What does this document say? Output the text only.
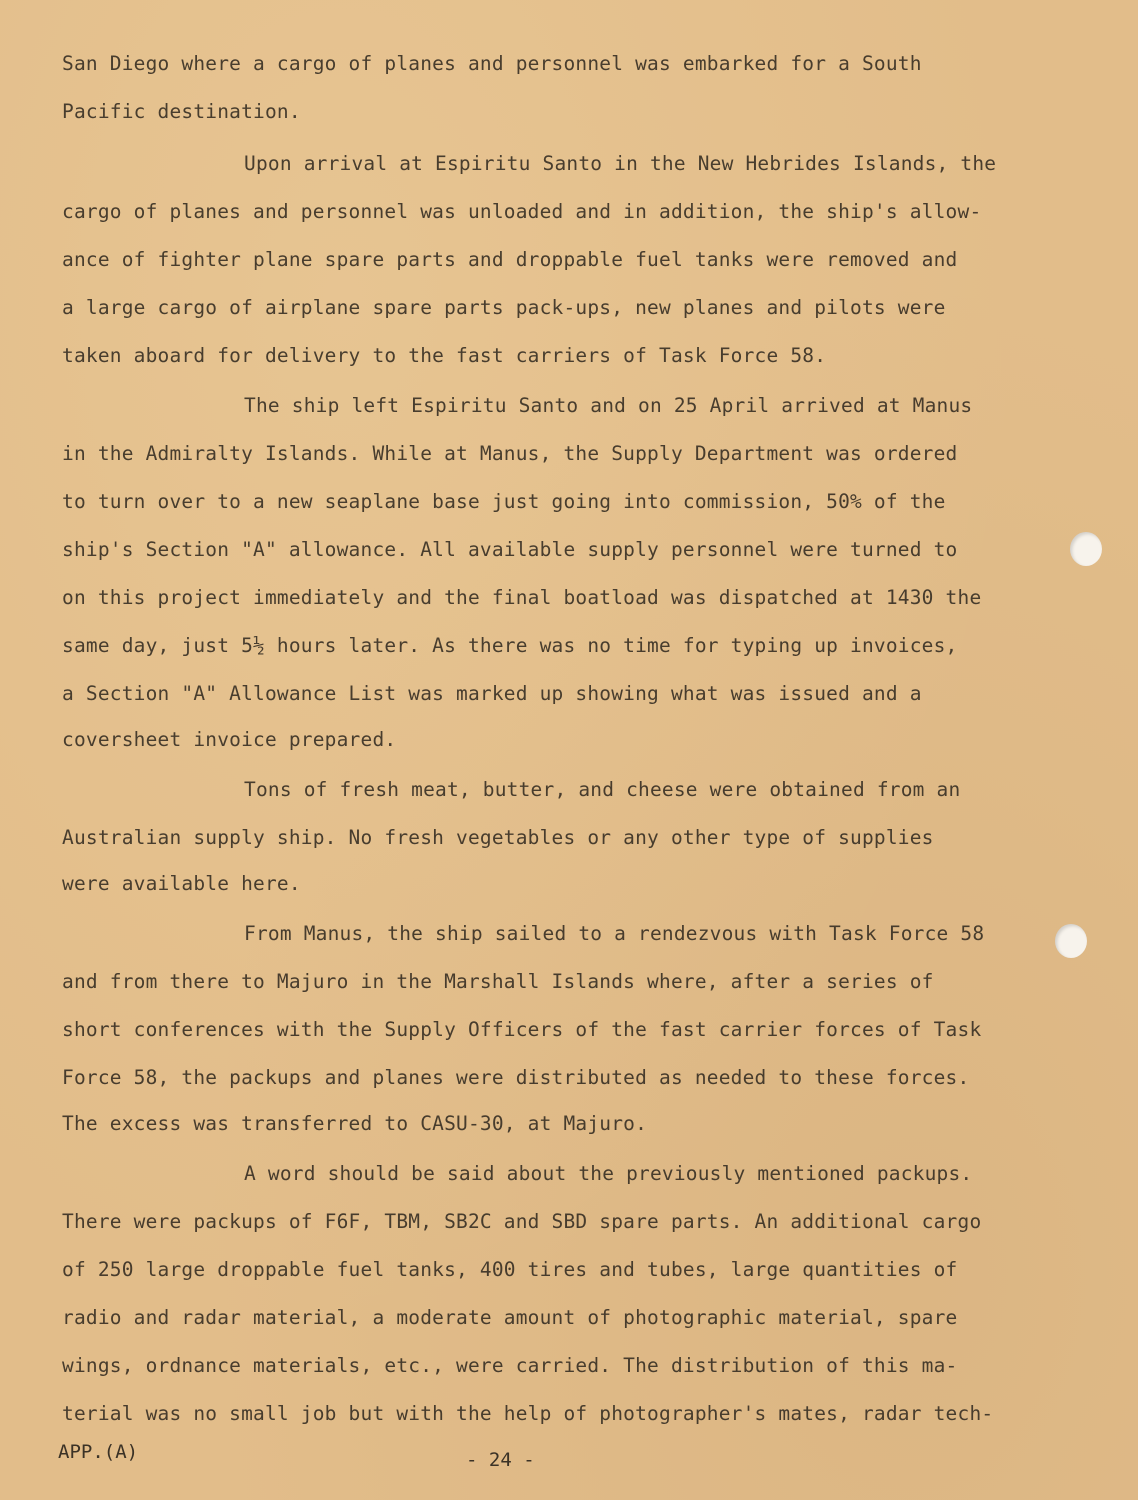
San Diego where a cargo of planes and personnel was embarked for a South
Pacific destination.
Upon arrival at Espiritu Santo in the New Hebrides Islands, the
cargo of planes and personnel was unloaded and in addition, the ship's allow-
ance of fighter plane spare parts and droppable fuel tanks were removed and
a large cargo of airplane spare parts pack-ups, new planes and pilots were
taken aboard for delivery to the fast carriers of Task Force 58.
The ship left Espiritu Santo and on 25 April arrived at Manus
in the Admiralty Islands. While at Manus, the Supply Department was ordered
to turn over to a new seaplane base just going into commission, 50% of the
ship's Section "A" allowance. All available supply personnel were turned to
on this project immediately and the final boatload was dispatched at 1430 the
same day, just 5½ hours later. As there was no time for typing up invoices,
a Section "A" Allowance List was marked up showing what was issued and a
coversheet invoice prepared.
Tons of fresh meat, butter, and cheese were obtained from an
Australian supply ship. No fresh vegetables or any other type of supplies
were available here.
From Manus, the ship sailed to a rendezvous with Task Force 58
and from there to Majuro in the Marshall Islands where, after a series of
short conferences with the Supply Officers of the fast carrier forces of Task
Force 58, the packups and planes were distributed as needed to these forces.
The excess was transferred to CASU-30, at Majuro.
A word should be said about the previously mentioned packups.
There were packups of F6F, TBM, SB2C and SBD spare parts. An additional cargo
of 250 large droppable fuel tanks, 400 tires and tubes, large quantities of
radio and radar material, a moderate amount of photographic material, spare
wings, ordnance materials, etc., were carried. The distribution of this ma-
terial was no small job but with the help of photographer's mates, radar tech-
APP.(A)	- 24 -
